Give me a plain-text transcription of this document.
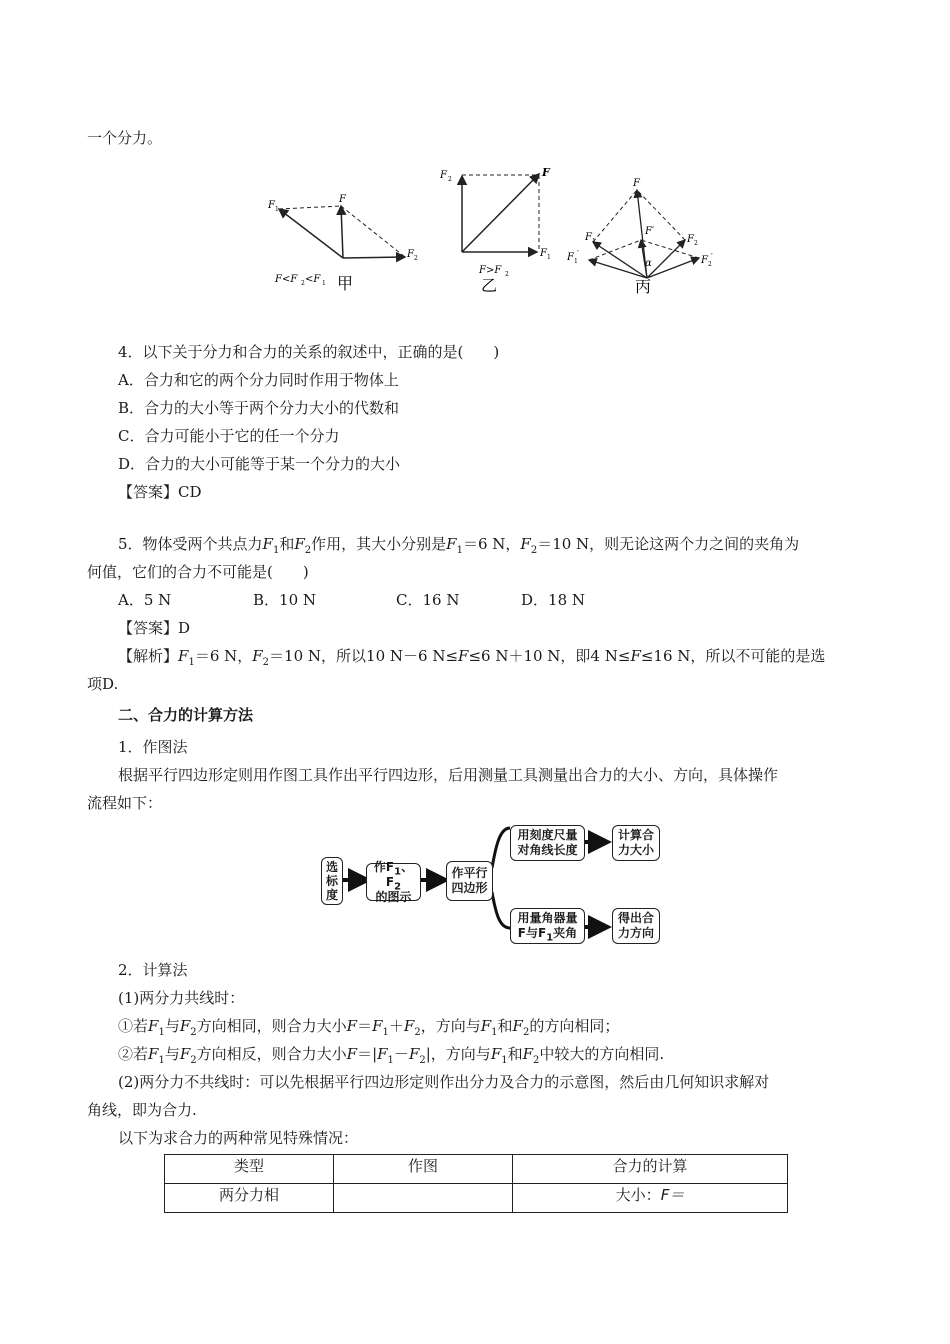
一个分力。
F 1
F
F 2
F<F 2 <F 1 甲
F 2
F
F 1
F>F 2
乙
F
F′
F 1	F 2
F 1
′
F 2
′
α
丙
4．以下关于分力和合力的关系的叙述中，正确的是(　　)
A．合力和它的两个分力同时作用于物体上
B．合力的大小等于两个分力大小的代数和
C．合力可能小于它的任一个分力
D．合力的大小可能等于某一个分力的大小
【答案】CD
5．物体受两个共点力$F_1$和$F_2$作用，其大小分别是$F_1=6$ N，$F_2=10$ N，则无论这两个力之间的夹角为
何值，它们的合力不可能是(　　)
A．5 N	B．10 N	C．16 N	D．18 N
【答案】D
【解析】$F_1=6$ N，$F_2=10$ N，所以10 N－6 N≤F≤6 N＋10 N，即4 N≤F≤16 N，所以不可能的是选
项D.
二、合力的计算方法
1．作图法
根据平行四边形定则用作图工具作出平行四边形，后用测量工具测量出合力的大小、方向，具体操作
流程如下：
选标度
作$F_1$、$F_2$
的图示
作平行
四边形
用刻度尺量
对角线长度
计算合
力大小
用量角器量
F与$F_1$夹角
得出合
力方向
2．计算法
(1)两分力共线时：
①若$F_1$与$F_2$方向相同，则合力大小$F=F_1+F_2$，方向与$F_1$和$F_2$的方向相同；
②若$F_1$与$F_2$方向相反，则合力大小$F=|F_1-F_2|$，方向与$F_1$和$F_2$中较大的方向相同.
(2)两分力不共线时：可以先根据平行四边形定则作出分力及合力的示意图，然后由几何知识求解对
角线，即为合力.
以下为求合力的两种常见特殊情况：
类型	作图	合力的计算
两分力相		大小：F＝
